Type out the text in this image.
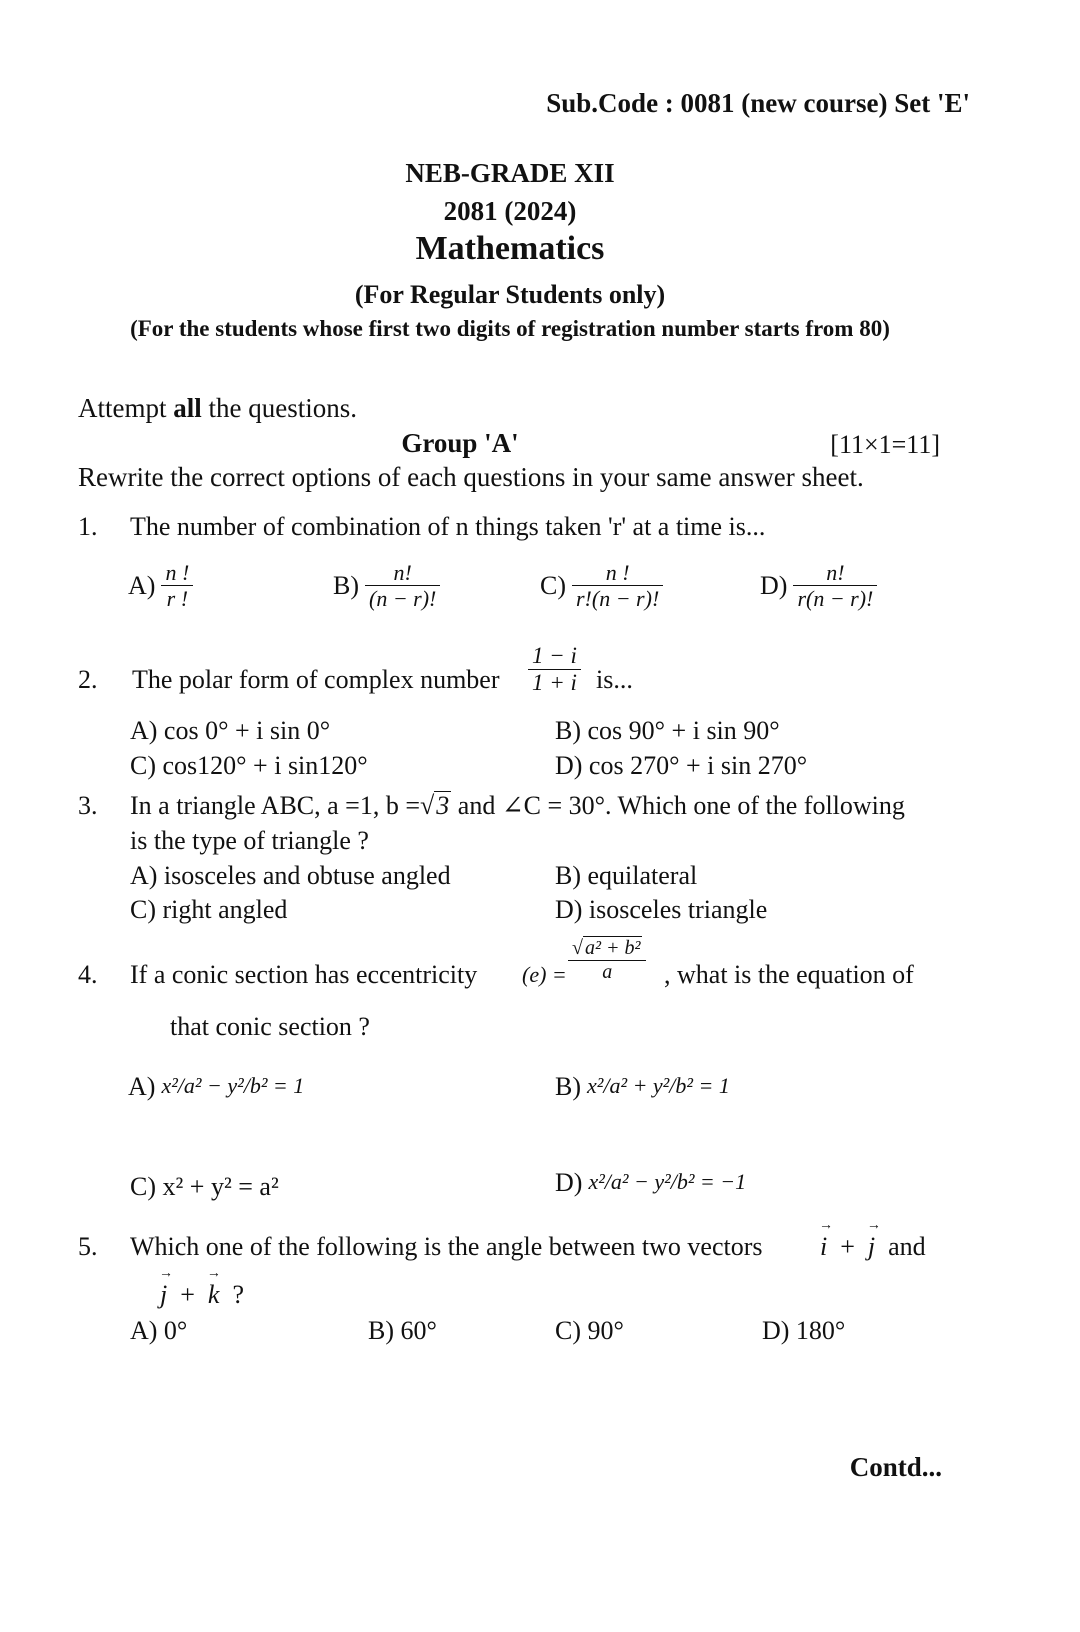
Sub.Code : 0081 (new course) Set 'E'
NEB-GRADE XII
2081 (2024)
Mathematics
(For Regular Students only)
(For the students whose first two digits of registration number starts from 80)
Attempt all the questions.
Group 'A'	[11×1=11]
Rewrite the correct options of each questions in your same answer sheet.
1. The number of combination of n things taken 'r' at a time is...
$A) \frac{n !}{r !}$	$B) \frac{n!}{(n - r)!}$	$C) \frac{n !}{r!(n - r)!}$	$D) \frac{n!}{r(n - r)!}$
2. The polar form of complex number $\frac{1 - i}{1 + i}$ is...
A) cos 0° + i sin 0°	B) cos 90° + i sin 90°
C) cos120° + i sin120°	D) cos 270° + i sin 270°
3. In a triangle ABC, a =1, b =√3 and ∠C = 30°. Which one of the following
is the type of triangle ?
A) isosceles and obtuse angled	B) equilateral
C) right angled	D) isosceles triangle
4. If a conic section has eccentricity $(e) = \frac{\text{√ a² + b²}}{a}$ , what is the equation of
that conic section ?
A) x²/a² − y²/b² = 1	B) x²/a² + y²/b² = 1
C) x² + y² = a²	D) x²/a² − y²/b² = −1
5. Which one of the following is the angle between two vectors → i + → j and
→ j + → k ?
A) 0°	B) 60°	C) 90°	D) 180°
Contd...
